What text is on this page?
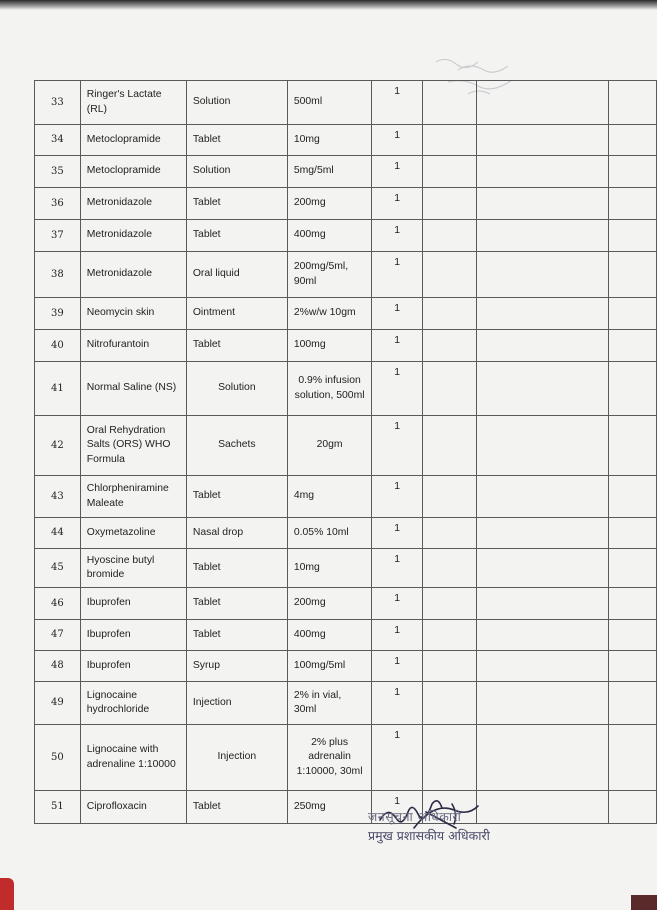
33	Ringer's Lactate (RL)	Solution	500ml	1			
34	Metoclopramide	Tablet	10mg	1			
35	Metoclopramide	Solution	5mg/5ml	1			
36	Metronidazole	Tablet	200mg	1			
37	Metronidazole	Tablet	400mg	1			
38	Metronidazole	Oral liquid	200mg/5ml, 90ml	1			
39	Neomycin skin	Ointment	2%w/w 10gm	1			
40	Nitrofurantoin	Tablet	100mg	1			
41	Normal Saline (NS)	Solution	0.9% infusion solution, 500ml	1			
42	Oral Rehydration Salts (ORS) WHO Formula	Sachets	20gm	1			
43	Chlorpheniramine Maleate	Tablet	4mg	1			
44	Oxymetazoline	Nasal drop	0.05% 10ml	1			
45	Hyoscine butyl bromide	Tablet	10mg	1			
46	Ibuprofen	Tablet	200mg	1			
47	Ibuprofen	Tablet	400mg	1			
48	Ibuprofen	Syrup	100mg/5ml	1			
49	Lignocaine hydrochloride	Injection	2% in vial, 30ml	1			
50	Lignocaine with adrenaline 1:10000	Injection	2% plus adrenalin 1:10000, 30ml	1			
51	Ciprofloxacin	Tablet	250mg	1			
जनसूचना अधिकारी
प्रमुख प्रशासकीय अधिकारी
